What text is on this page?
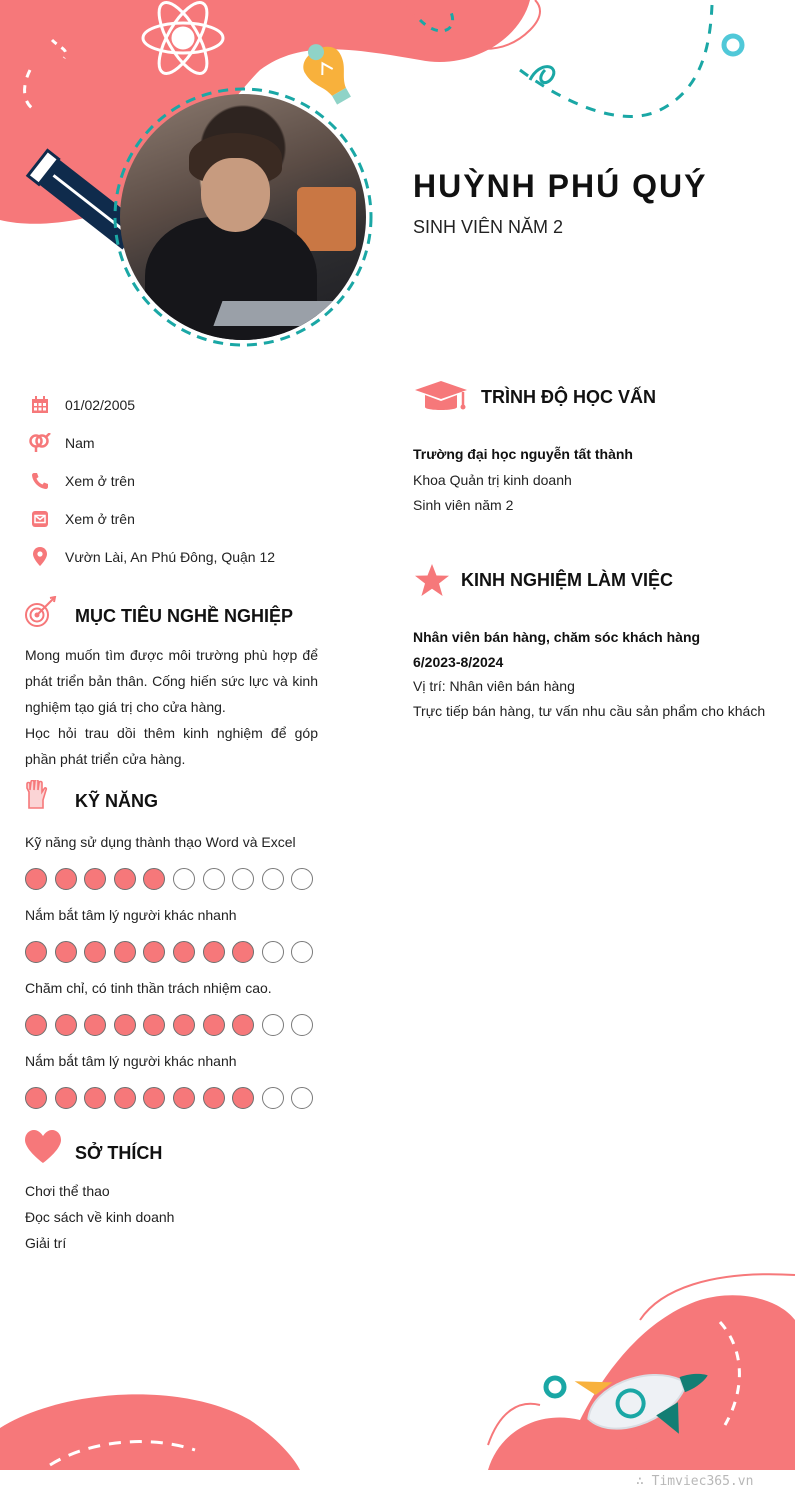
HUỲNH PHÚ QUÝ
SINH VIÊN NĂM 2
01/02/2005
Nam
Xem ở trên
Xem ở trên
Vườn Lài, An Phú Đông, Quận 12
MỤC TIÊU NGHỀ NGHIỆP
Mong muốn tìm được môi trường phù hợp để phát triển bản thân. Cống hiến sức lực và kinh nghiệm tạo giá trị cho cửa hàng.
Học hỏi trau dồi thêm kinh nghiệm để góp phần phát triển cửa hàng.
KỸ NĂNG
Kỹ năng sử dụng thành thạo Word và Excel
Nắm bắt tâm lý người khác nhanh
Chăm chỉ, có tinh thần trách nhiệm cao.
Nắm bắt tâm lý người khác nhanh
SỞ THÍCH
Chơi thể thao
Đọc sách về kinh doanh
Giải trí
TRÌNH ĐỘ HỌC VẤN
Trường đại học nguyễn tất thành
Khoa Quản trị kinh doanh
Sinh viên năm 2
KINH NGHIỆM LÀM VIỆC
Nhân viên bán hàng, chăm sóc khách hàng
6/2023-8/2024
Vị trí: Nhân viên bán hàng
Trực tiếp bán hàng, tư vấn nhu cầu sản phẩm cho khách
∴ Timviec365.vn
